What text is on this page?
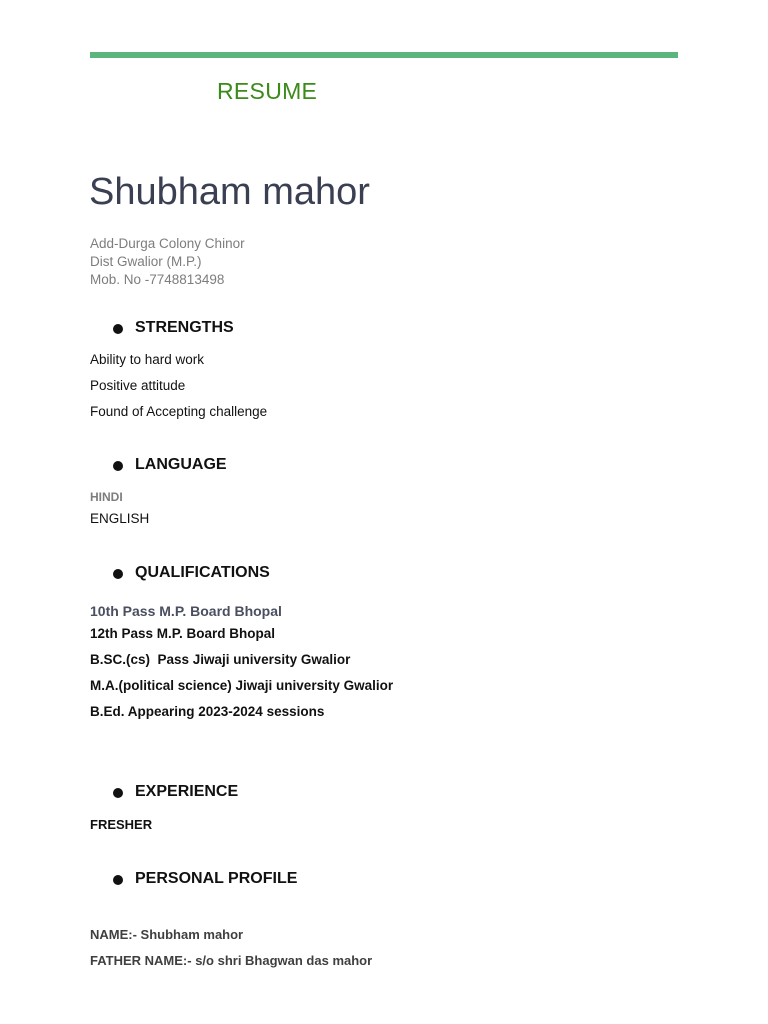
RESUME
Shubham mahor
Add-Durga Colony Chinor
Dist Gwalior (M.P.)
Mob. No -7748813498
STRENGTHS
Ability to hard work
Positive attitude
Found of Accepting challenge
LANGUAGE
HINDI
ENGLISH
QUALIFICATIONS
10th Pass M.P. Board Bhopal
12th Pass M.P. Board Bhopal
B.SC.(cs)  Pass Jiwaji university Gwalior
M.A.(political science) Jiwaji university Gwalior
B.Ed. Appearing 2023-2024 sessions
EXPERIENCE
FRESHER
PERSONAL PROFILE
NAME:- Shubham mahor
FATHER NAME:- s/o shri Bhagwan das mahor
